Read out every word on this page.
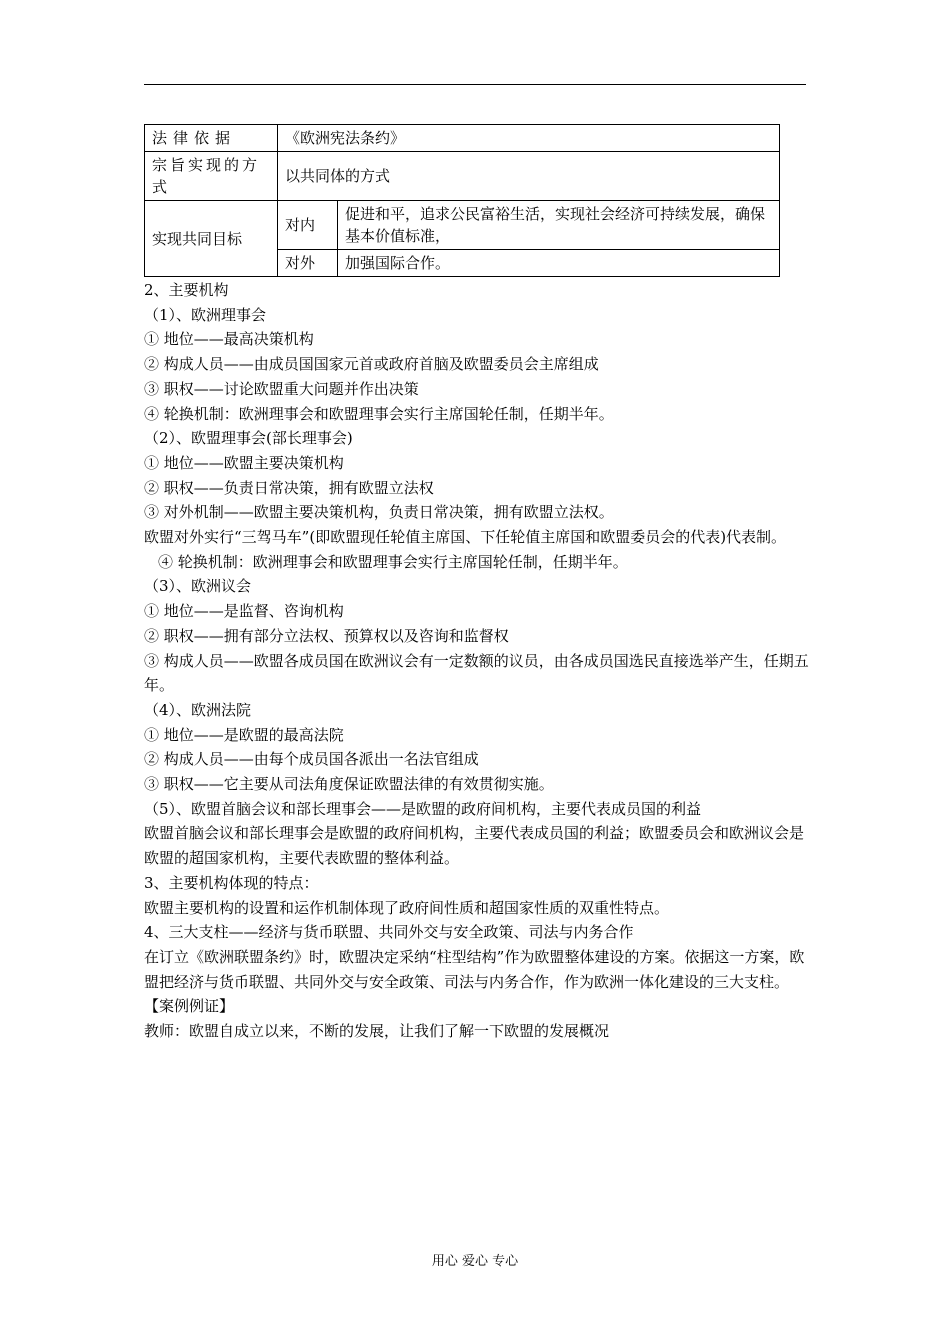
法律依据	《欧洲宪法条约》	
宗旨实现的方式	以共同体的方式	
实现共同目标	对内	促进和平，追求公民富裕生活，实现社会经济可持续发展，确保基本价值标准，
	对外	加强国际合作。

2、主要机构

（1）、欧洲理事会

① 地位——最高决策机构

② 构成人员——由成员国国家元首或政府首脑及欧盟委员会主席组成

③ 职权——讨论欧盟重大问题并作出决策

④ 轮换机制：欧洲理事会和欧盟理事会实行主席国轮任制，任期半年。

（2）、欧盟理事会(部长理事会)

① 地位——欧盟主要决策机构

② 职权——负责日常决策，拥有欧盟立法权

③ 对外机制——欧盟主要决策机构，负责日常决策，拥有欧盟立法权。

欧盟对外实行“三驾马车”(即欧盟现任轮值主席国、下任轮值主席国和欧盟委员会的代表)代表制。

④ 轮换机制：欧洲理事会和欧盟理事会实行主席国轮任制，任期半年。

（3）、欧洲议会

① 地位——是监督、咨询机构

② 职权——拥有部分立法权、预算权以及咨询和监督权

③ 构成人员——欧盟各成员国在欧洲议会有一定数额的议员，由各成员国选民直接选举产生，任期五年。

（4）、欧洲法院

① 地位——是欧盟的最高法院

② 构成人员——由每个成员国各派出一名法官组成

③ 职权——它主要从司法角度保证欧盟法律的有效贯彻实施。

（5）、欧盟首脑会议和部长理事会——是欧盟的政府间机构，主要代表成员国的利益

欧盟首脑会议和部长理事会是欧盟的政府间机构，主要代表成员国的利益；欧盟委员会和欧洲议会是欧盟的超国家机构，主要代表欧盟的整体利益。

3、主要机构体现的特点：

欧盟主要机构的设置和运作机制体现了政府间性质和超国家性质的双重性特点。

4、三大支柱——经济与货币联盟、共同外交与安全政策、司法与内务合作

在订立《欧洲联盟条约》时，欧盟决定采纳“柱型结构”作为欧盟整体建设的方案。依据这一方案，欧盟把经济与货币联盟、共同外交与安全政策、司法与内务合作，作为欧洲一体化建设的三大支柱。

【案例例证】

教师：欧盟自成立以来，不断的发展，让我们了解一下欧盟的发展概况

用心 爱心 专心
